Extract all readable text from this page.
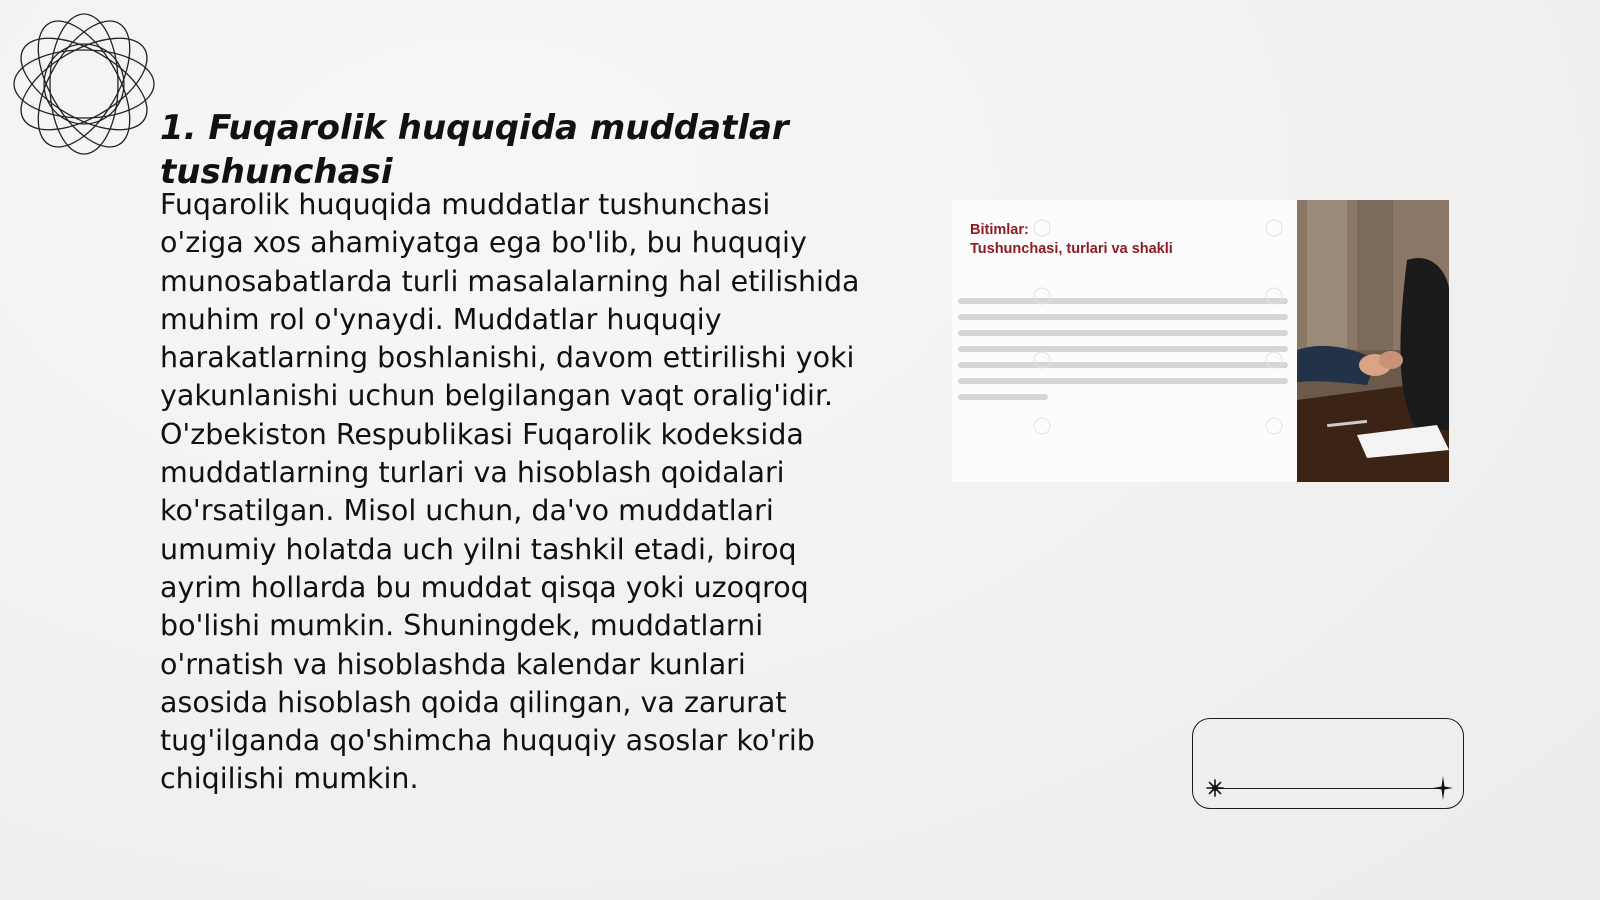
1. Fuqarolik huquqida muddatlar tushunchasi

Fuqarolik huquqida muddatlar tushunchasi o'ziga xos ahamiyatga ega bo'lib, bu huquqiy munosabatlarda turli masalalarning hal etilishida muhim rol o'ynaydi. Muddatlar huquqiy harakatlarning boshlanishi, davom ettirilishi yoki yakunlanishi uchun belgilangan vaqt oralig'idir. O'zbekiston Respublikasi Fuqarolik kodeksida muddatlarning turlari va hisoblash qoidalari ko'rsatilgan. Misol uchun, da'vo muddatlari umumiy holatda uch yilni tashkil etadi, biroq ayrim hollarda bu muddat qisqa yoki uzoqroq bo'lishi mumkin. Shuningdek, muddatlarni o'rnatish va hisoblashda kalendar kunlari asosida hisoblash qoida qilingan, va zarurat tug'ilganda qo'shimcha huquqiy asoslar ko'rib chiqilishi mumkin.

Bitimlar:
Tushunchasi, turlari va shakli
